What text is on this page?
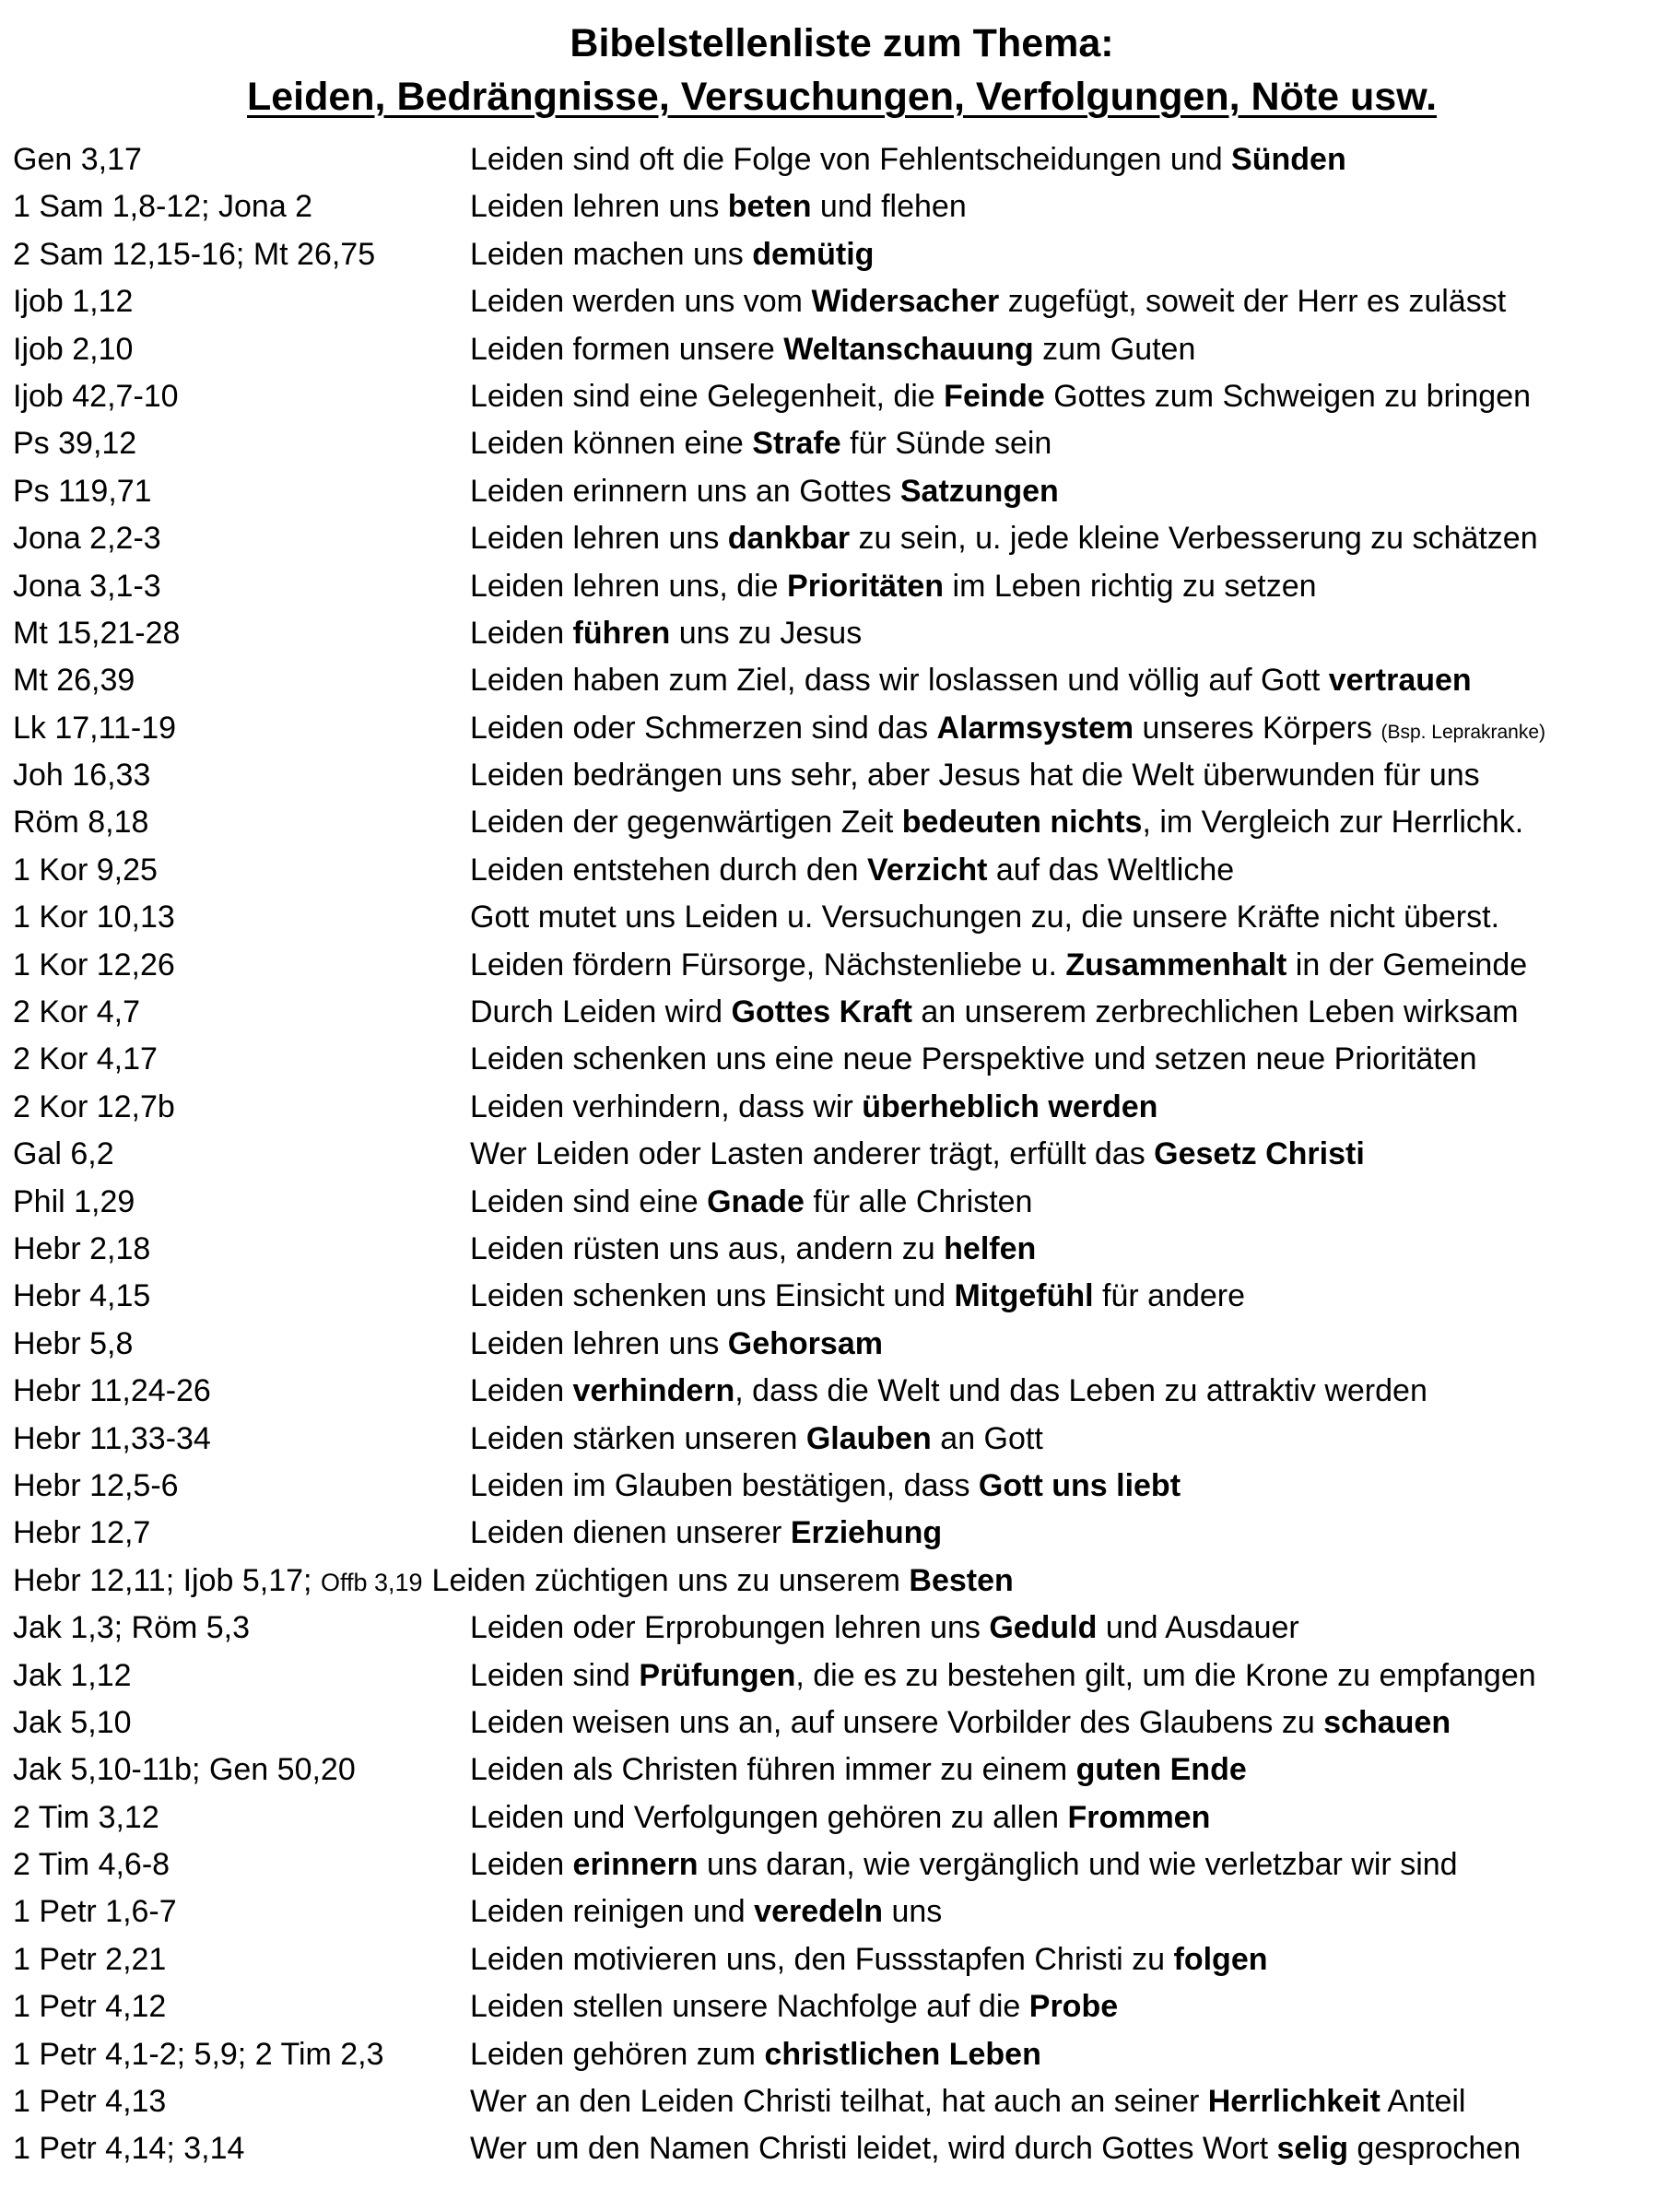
Bibelstellenliste zum Thema:
Leiden, Bedrängnisse, Versuchungen, Verfolgungen, Nöte usw.
Gen 3,17	Leiden sind oft die Folge von Fehlentscheidungen und Sünden
1 Sam 1,8-12; Jona 2	Leiden lehren uns beten und flehen
2 Sam 12,15-16; Mt 26,75	Leiden machen uns demütig
Ijob 1,12	Leiden werden uns vom Widersacher zugefügt, soweit der Herr es zulässt
Ijob 2,10	Leiden formen unsere Weltanschauung zum Guten
Ijob 42,7-10	Leiden sind eine Gelegenheit, die Feinde Gottes zum Schweigen zu bringen
Ps 39,12	Leiden können eine Strafe für Sünde sein
Ps 119,71	Leiden erinnern uns an Gottes Satzungen
Jona 2,2-3	Leiden lehren uns dankbar zu sein, u. jede kleine Verbesserung zu schätzen
Jona 3,1-3	Leiden lehren uns, die Prioritäten im Leben richtig zu setzen
Mt 15,21-28	Leiden führen uns zu Jesus
Mt 26,39	Leiden haben zum Ziel, dass wir loslassen und völlig auf Gott vertrauen
Lk 17,11-19	Leiden oder Schmerzen sind das Alarmsystem unseres Körpers (Bsp. Leprakranke)
Joh 16,33	Leiden bedrängen uns sehr, aber Jesus hat die Welt überwunden für uns
Röm 8,18	Leiden der gegenwärtigen Zeit bedeuten nichts, im Vergleich zur Herrlichk.
1 Kor 9,25	Leiden entstehen durch den Verzicht auf das Weltliche
1 Kor 10,13	Gott mutet uns Leiden u. Versuchungen zu, die unsere Kräfte nicht überst.
1 Kor 12,26	Leiden fördern Fürsorge, Nächstenliebe u. Zusammenhalt in der Gemeinde
2 Kor 4,7	Durch Leiden wird Gottes Kraft an unserem zerbrechlichen Leben wirksam
2 Kor 4,17	Leiden schenken uns eine neue Perspektive und setzen neue Prioritäten
2 Kor 12,7b	Leiden verhindern, dass wir überheblich werden
Gal 6,2	Wer Leiden oder Lasten anderer trägt, erfüllt das Gesetz Christi
Phil 1,29	Leiden sind eine Gnade für alle Christen
Hebr 2,18	Leiden rüsten uns aus, andern zu helfen
Hebr 4,15	Leiden schenken uns Einsicht und Mitgefühl für andere
Hebr 5,8	Leiden lehren uns Gehorsam
Hebr 11,24-26	Leiden verhindern, dass die Welt und das Leben zu attraktiv werden
Hebr 11,33-34	Leiden stärken unseren Glauben an Gott
Hebr 12,5-6	Leiden im Glauben bestätigen, dass Gott uns liebt
Hebr 12,7	Leiden dienen unserer Erziehung
Hebr 12,11; Ijob 5,17; Offb 3,19 Leiden züchtigen uns zu unserem Besten
Jak 1,3; Röm 5,3	Leiden oder Erprobungen lehren uns Geduld und Ausdauer
Jak 1,12	Leiden sind Prüfungen, die es zu bestehen gilt, um die Krone zu empfangen
Jak 5,10	Leiden weisen uns an, auf unsere Vorbilder des Glaubens zu schauen
Jak 5,10-11b; Gen 50,20	Leiden als Christen führen immer zu einem guten Ende
2 Tim 3,12	Leiden und Verfolgungen gehören zu allen Frommen
2 Tim 4,6-8	Leiden erinnern uns daran, wie vergänglich und wie verletzbar wir sind
1 Petr 1,6-7	Leiden reinigen und veredeln uns
1 Petr 2,21	Leiden motivieren uns, den Fussstapfen Christi zu folgen
1 Petr 4,12	Leiden stellen unsere Nachfolge auf die Probe
1 Petr 4,1-2; 5,9; 2 Tim 2,3	Leiden gehören zum christlichen Leben
1 Petr 4,13	Wer an den Leiden Christi teilhat, hat auch an seiner Herrlichkeit Anteil
1 Petr 4,14; 3,14	Wer um den Namen Christi leidet, wird durch Gottes Wort selig gesprochen
